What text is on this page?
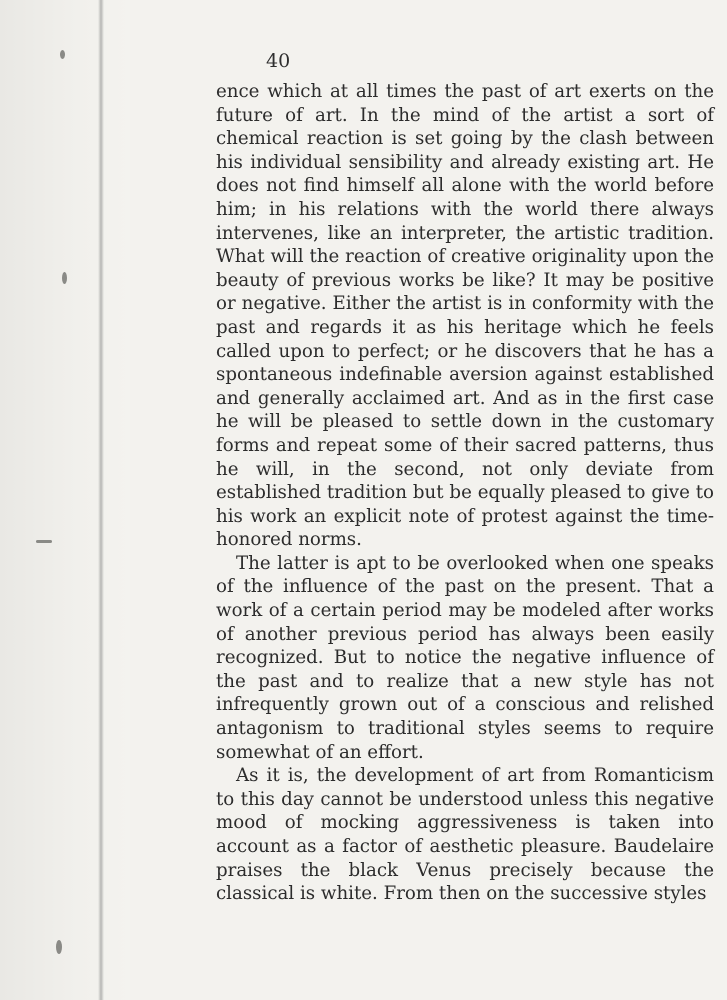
40

ence which at all times the past of art exerts on the future of art. In the mind of the artist a sort of chemical reaction is set going by the clash between his individual sensibility and already existing art. He does not find himself all alone with the world before him; in his relations with the world there always intervenes, like an interpreter, the artistic tradition. What will the reaction of creative originality upon the beauty of previous works be like? It may be positive or negative. Either the artist is in conformity with the past and regards it as his heritage which he feels called upon to perfect; or he discovers that he has a spontaneous indefinable aversion against established and generally acclaimed art. And as in the first case he will be pleased to settle down in the customary forms and repeat some of their sacred patterns, thus he will, in the second, not only deviate from established tradition but be equally pleased to give to his work an explicit note of protest against the time-honored norms.

The latter is apt to be overlooked when one speaks of the influence of the past on the present. That a work of a certain period may be modeled after works of another previous period has always been easily recognized. But to notice the negative influence of the past and to realize that a new style has not infrequently grown out of a conscious and relished antagonism to traditional styles seems to require somewhat of an effort.

As it is, the development of art from Romanticism to this day cannot be understood unless this negative mood of mocking aggressiveness is taken into account as a factor of aesthetic pleasure. Baudelaire praises the black Venus precisely because the classical is white. From then on the successive styles
